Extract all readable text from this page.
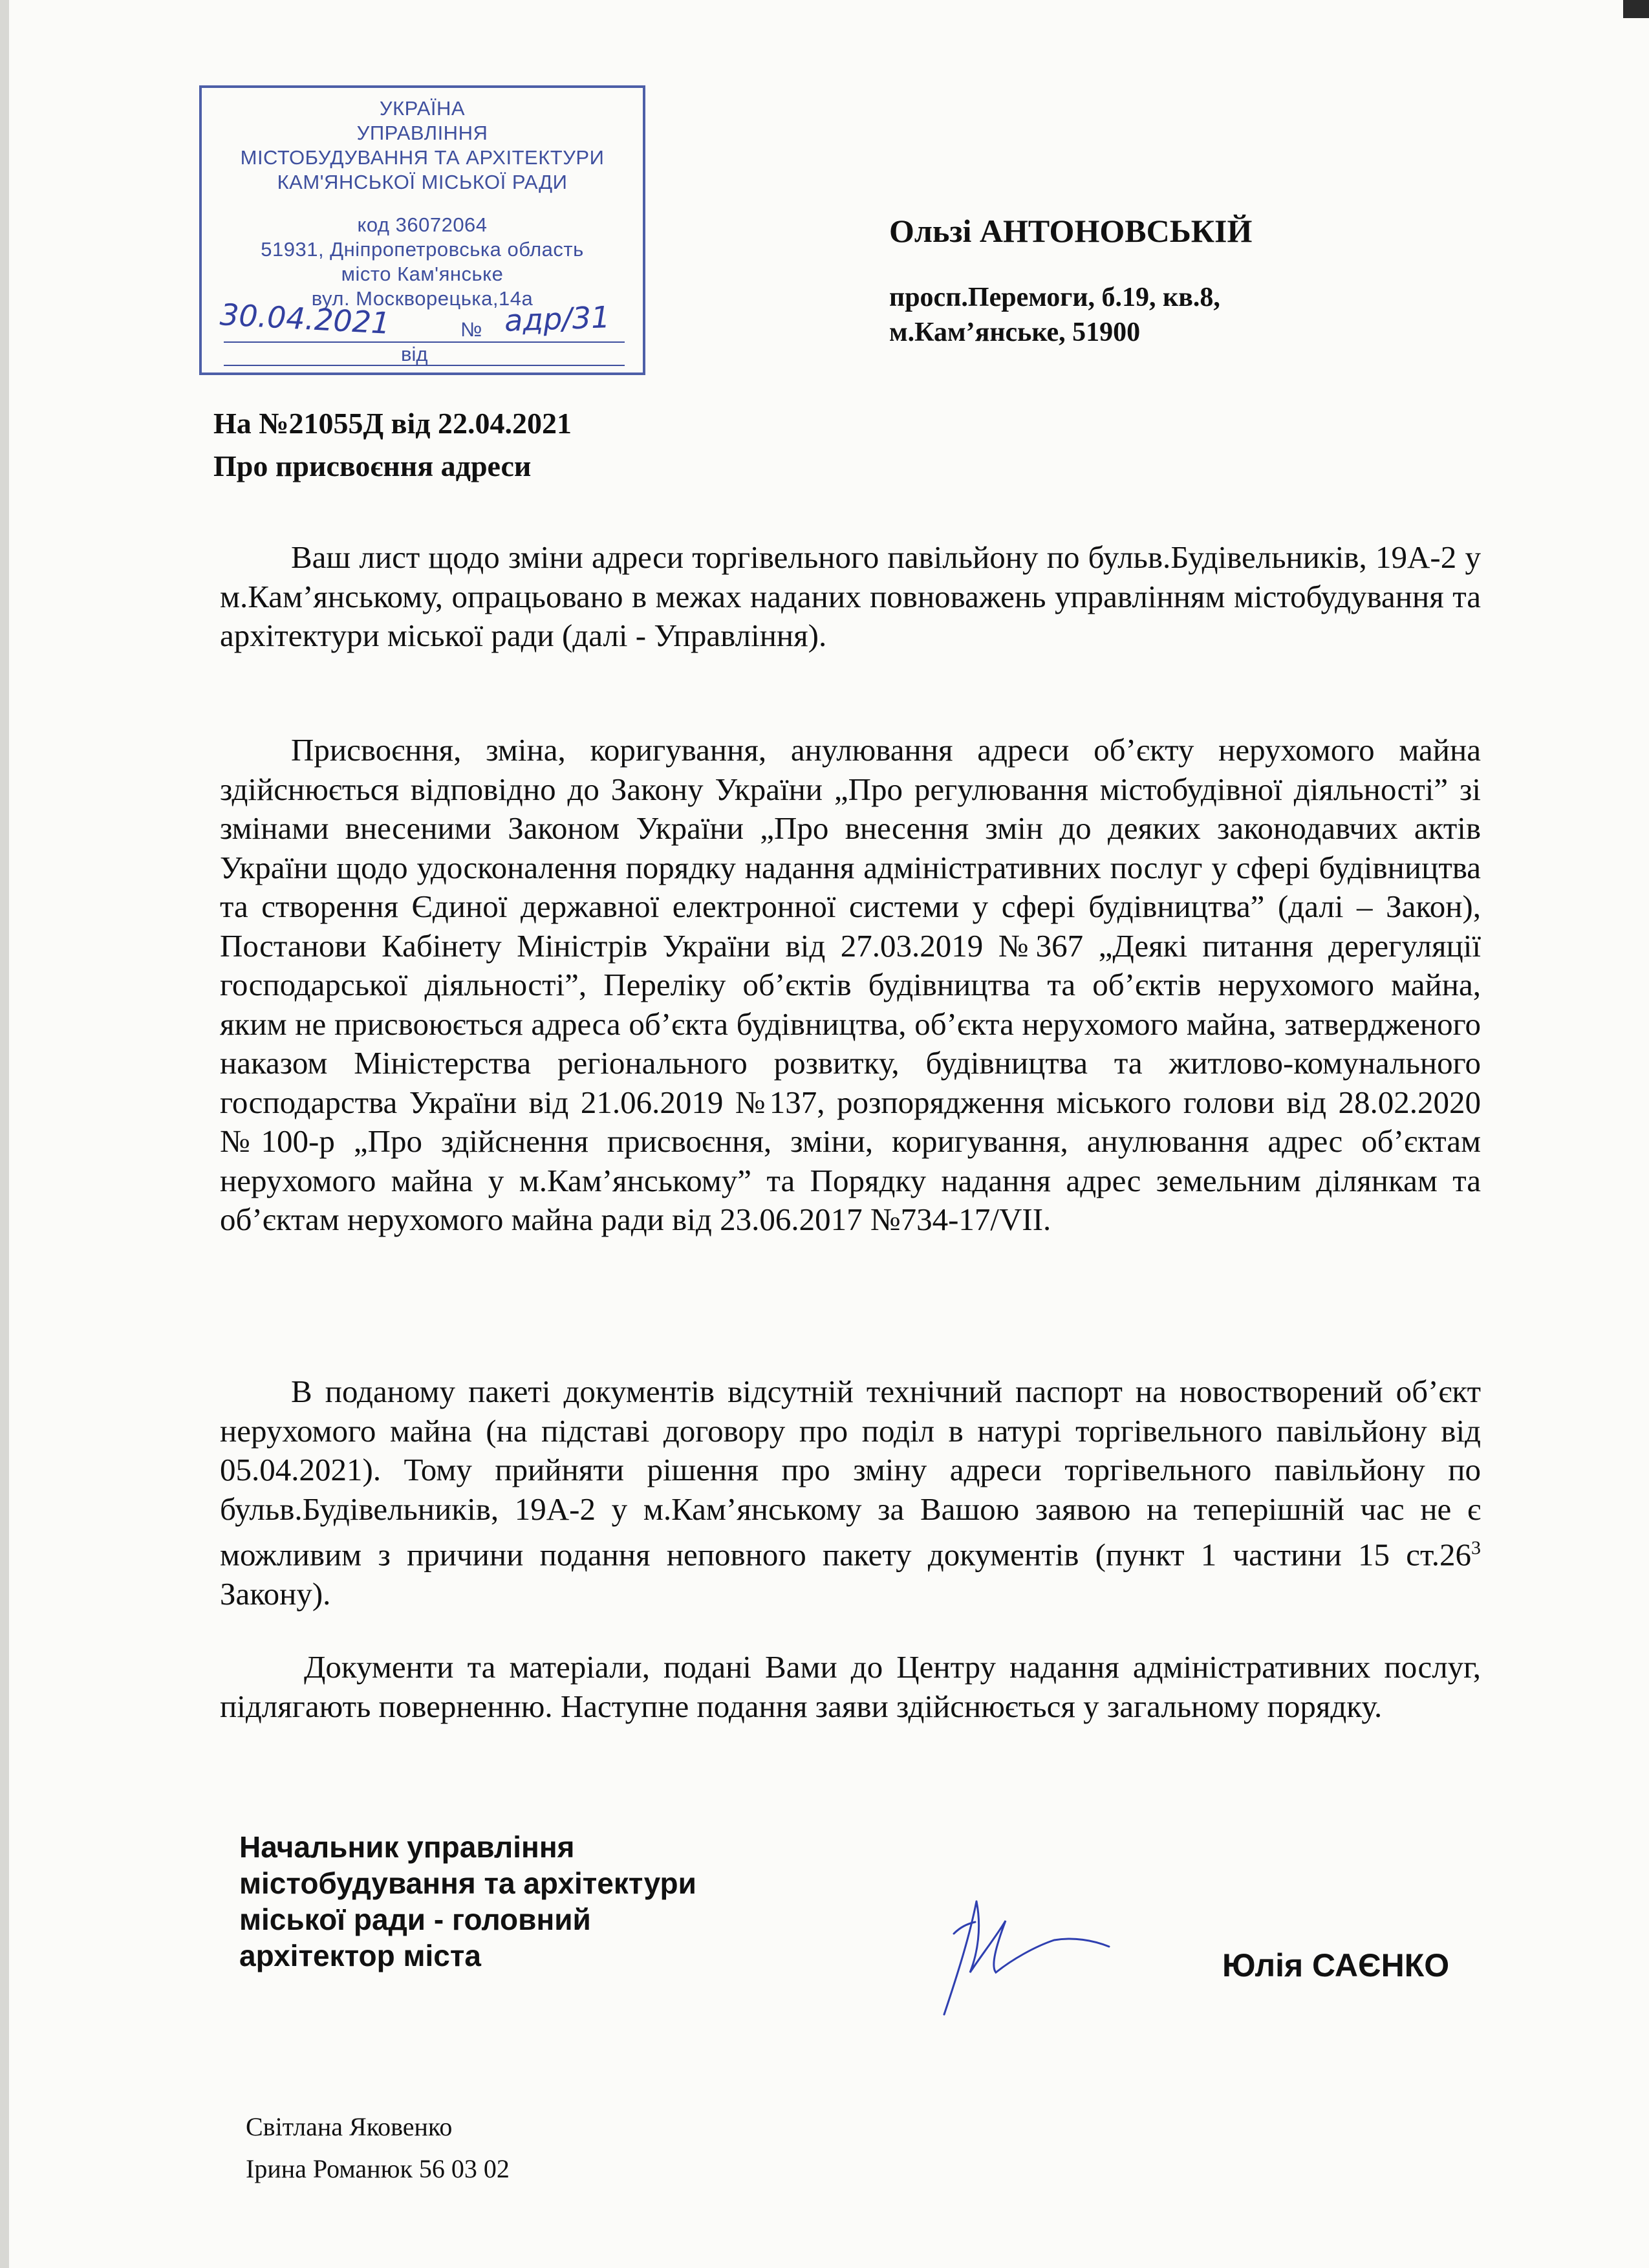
УКРАЇНА
УПРАВЛІННЯ
МІСТОБУДУВАННЯ ТА АРХІТЕКТУРИ
КАМ'ЯНСЬКОЇ МІСЬКОЇ РАДИ
код 36072064
51931, Дніпропетровська область
місто Кам'янське
вул. Москворецька,14а
30.04.2021	№ адр/31
від
Ользі АНТОНОВСЬКІЙ
просп.Перемоги, б.19, кв.8,
м.Кам’янське, 51900
На №21055Д від 22.04.2021
Про присвоєння адреси

Ваш лист щодо зміни адреси торгівельного павільйону по бульв.Будівельників, 19А-2 у м.Кам’янському, опрацьовано в межах наданих повноважень управлінням містобудування та архітектури міської ради (далі - Управління).

Присвоєння, зміна, коригування, анулювання адреси об’єкту нерухомого майна здійснюється відповідно до Закону України „Про регулювання містобудівної діяльності” зі змінами внесеними Законом України „Про внесення змін до деяких законодавчих актів України щодо удосконалення порядку надання адміністративних послуг у сфері будівництва та створення Єдиної державної електронної системи у сфері будівництва” (далі – Закон), Постанови Кабінету Міністрів України від 27.03.2019 №367 „Деякі питання дерегуляції господарської діяльності”, Переліку об’єктів будівництва та об’єктів нерухомого майна, яким не присвоюється адреса об’єкта будівництва, об’єкта нерухомого майна, затвердженого наказом Міністерства регіонального розвитку, будівництва та житлово-комунального господарства України від 21.06.2019 №137, розпорядження міського голови від 28.02.2020 №100-р „Про здійснення присвоєння, зміни, коригування, анулювання адрес об’єктам нерухомого майна у м.Кам’янському” та Порядку надання адрес земельним ділянкам та об’єктам нерухомого майна ради від 23.06.2017 №734-17/VII.

В поданому пакеті документів відсутній технічний паспорт на новостворений об’єкт нерухомого майна (на підставі договору про поділ в натурі торгівельного павільйону від 05.04.2021). Тому прийняти рішення про зміну адреси торгівельного павільйону по бульв.Будівельників, 19А-2 у м.Кам’янському за Вашою заявою на теперішній час не є можливим з причини подання неповного пакету документів (пункт 1 частини 15 $ст.26^3$ Закону).

Документи та матеріали, подані Вами до Центру надання адміністративних послуг, підлягають поверненню. Наступне подання заяви здійснюється у загальному порядку.

Начальник управління
містобудування та архітектури
міської ради - головний
архітектор міста	Юлія САЄНКО
Світлана Яковенко
Ірина Романюк 56 03 02
